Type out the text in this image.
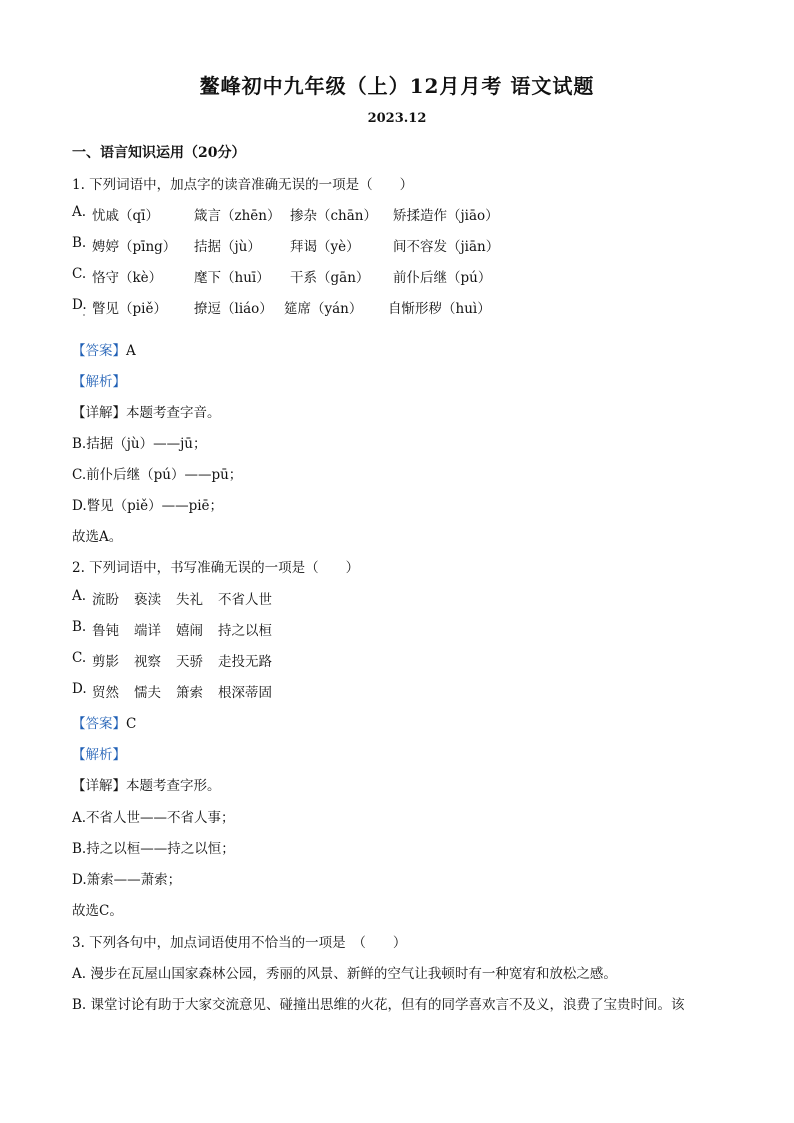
鳌峰初中九年级（上）12月月考 语文试题
2023.12
一、语言知识运用（20分）
1. 下列词语中，加点字的读音准确无误的一项是（　　）
A. 忧戚（qī）	箴言（zhēn） 掺杂（chān） 矫揉造作（jiāo）
B. 娉婷（pīng） 拮据（jù） 拜谒（yè） 间不容发（jiān）
C. 恪守（kè） 麾下（huī） 干系（gān） 前仆后继（pú）
D. 瞥见（piě） 撩逗（liáo） 筵席（yán） 自惭形秽（huì）
【答案】A
【解析】
【详解】本题考查字音。
B.拮据（jù）——jū；
C.前仆后继（pú）——pū；
D.瞥见（piě）——piē；
故选A。
2. 下列词语中，书写准确无误的一项是（　　）
A. 流盼 亵渎 失礼 不省人世
B. 鲁钝 端详 嬉闹 持之以桓
C. 剪影 视察 天骄 走投无路
D. 贸然 懦夫 箫索 根深蒂固
【答案】C
【解析】
【详解】本题考查字形。
A.不省人世——不省人事；
B.持之以桓——持之以恒；
D.箫索——萧索；
故选C。
3. 下列各句中，加点词语使用不恰当的一项是　（　　）
A. 漫步在瓦屋山国家森林公园，秀丽的风景、新鲜的空气让我顿时有一种宽宥和放松之感。
B. 课堂讨论有助于大家交流意见、碰撞出思维的火花，但有的同学喜欢言不及义，浪费了宝贵时间。该
